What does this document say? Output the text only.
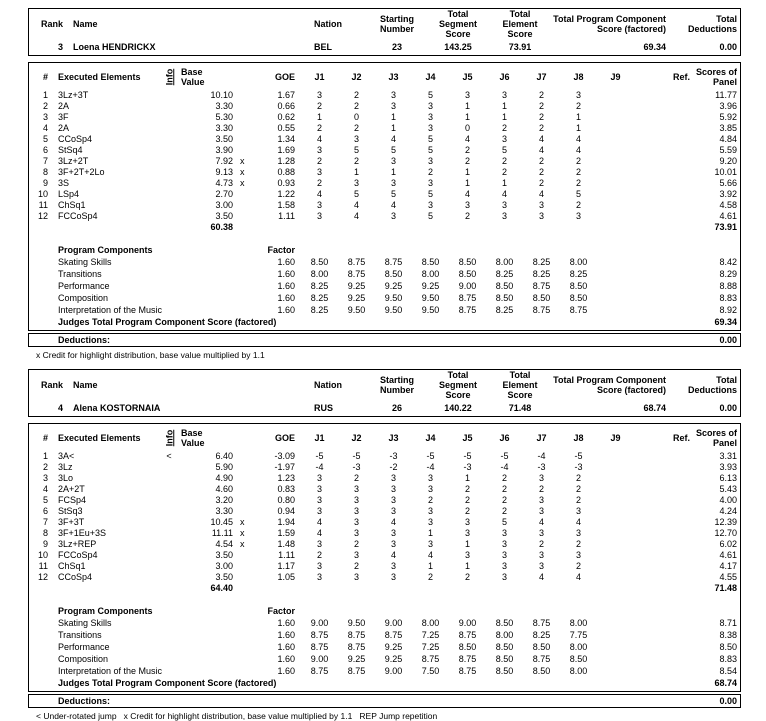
Rank	Name	Nation	Starting
Number	Total
Segment
Score	Total
Element
Score	Total Program Component
Score (factored)	Total
Deductions
3	Loena HENDRICKX	BEL	23	143.25	73.91	69.34	0.00
#	Executed Elements	Info	Base
Value		GOE	J1	J2	J3	J4	J5	J6	J7	J8	J9	Ref.	Scores of
Panel
1	3Lz+3T		10.10		1.67	3	2	3	5	3	3	2	3			11.77
2	2A		3.30		0.66	2	2	3	3	1	1	2	2			3.96
3	3F		5.30		0.62	1	0	1	3	1	1	2	1			5.92
4	2A		3.30		0.55	2	2	1	3	0	2	2	1			3.85
5	CCoSp4		3.50		1.34	4	3	4	5	4	3	4	4			4.84
6	StSq4		3.90		1.69	3	5	5	5	2	5	4	4			5.59
7	3Lz+2T		7.92	x	1.28	2	2	3	3	2	2	2	2			9.20
8	3F+2T+2Lo		9.13	x	0.88	3	1	1	2	1	2	2	2			10.01
9	3S		4.73	x	0.93	2	3	3	3	1	1	2	2			5.66
10	LSp4		2.70		1.22	4	5	5	5	4	4	4	5			3.92
11	ChSq1		3.00		1.58	3	4	4	3	3	3	3	2			4.58
12	FCCoSp4		3.50		1.11	3	4	3	5	2	3	3	3			4.61
			60.38												73.91	

Program Components			Factor													
Skating Skills			1.60			8.50	8.75	8.75	8.50	8.50	8.00	8.25	8.00		8.42	
Transitions			1.60			8.00	8.75	8.50	8.00	8.50	8.25	8.25	8.25		8.29	
Performance			1.60			8.25	9.25	9.25	9.25	9.00	8.50	8.75	8.50		8.88	
Composition			1.60			8.25	9.25	9.50	9.50	8.75	8.50	8.50	8.50		8.83	
Interpretation of the Music			1.60			8.25	9.50	9.50	9.50	8.75	8.25	8.75	8.75		8.92	
Judges Total Program Component Score (factored)															69.34	
Deductions:	0.00
x Credit for highlight distribution, base value multiplied by 1.1
Rank	Name	Nation	Starting
Number	Total
Segment
Score	Total
Element
Score	Total Program Component
Score (factored)	Total
Deductions
4	Alena KOSTORNAIA	RUS	26	140.22	71.48	68.74	0.00
#	Executed Elements	Info	Base
Value		GOE	J1	J2	J3	J4	J5	J6	J7	J8	J9	Ref.	Scores of
Panel
1	3A<	<	6.40		-3.09	-5	-5	-3	-5	-5	-5	-4	-5			3.31
2	3Lz		5.90		-1.97	-4	-3	-2	-4	-3	-4	-3	-3			3.93
3	3Lo		4.90		1.23	3	2	3	3	1	2	3	2			6.13
4	2A+2T		4.60		0.83	3	3	3	3	2	2	2	2			5.43
5	FCSp4		3.20		0.80	3	3	3	2	2	2	3	2			4.00
6	StSq3		3.30		0.94	3	3	3	3	2	2	3	3			4.24
7	3F+3T		10.45	x	1.94	4	3	4	3	3	5	4	4			12.39
8	3F+1Eu+3S		11.11	x	1.59	4	3	3	1	3	3	3	3			12.70
9	3Lz+REP		4.54	x	1.48	3	2	3	3	1	3	2	2			6.02
10	FCCoSp4		3.50		1.11	2	3	4	4	3	3	3	3			4.61
11	ChSq1		3.00		1.17	3	2	3	1	1	3	3	2			4.17
12	CCoSp4		3.50		1.05	3	3	3	2	2	3	4	4			4.55
			64.40												71.48	

Program Components			Factor													
Skating Skills			1.60			9.00	9.50	9.00	8.00	9.00	8.50	8.75	8.00		8.71	
Transitions			1.60			8.75	8.75	8.75	7.25	8.75	8.00	8.25	7.75		8.38	
Performance			1.60			8.75	8.75	9.25	7.25	8.50	8.50	8.50	8.00		8.50	
Composition			1.60			9.00	9.25	9.25	8.75	8.75	8.50	8.75	8.50		8.83	
Interpretation of the Music			1.60			8.75	8.75	9.00	7.50	8.75	8.50	8.50	8.00		8.54	
Judges Total Program Component Score (factored)															68.74	
Deductions:	0.00
< Under-rotated jump   x Credit for highlight distribution, base value multiplied by 1.1   REP Jump repetition
